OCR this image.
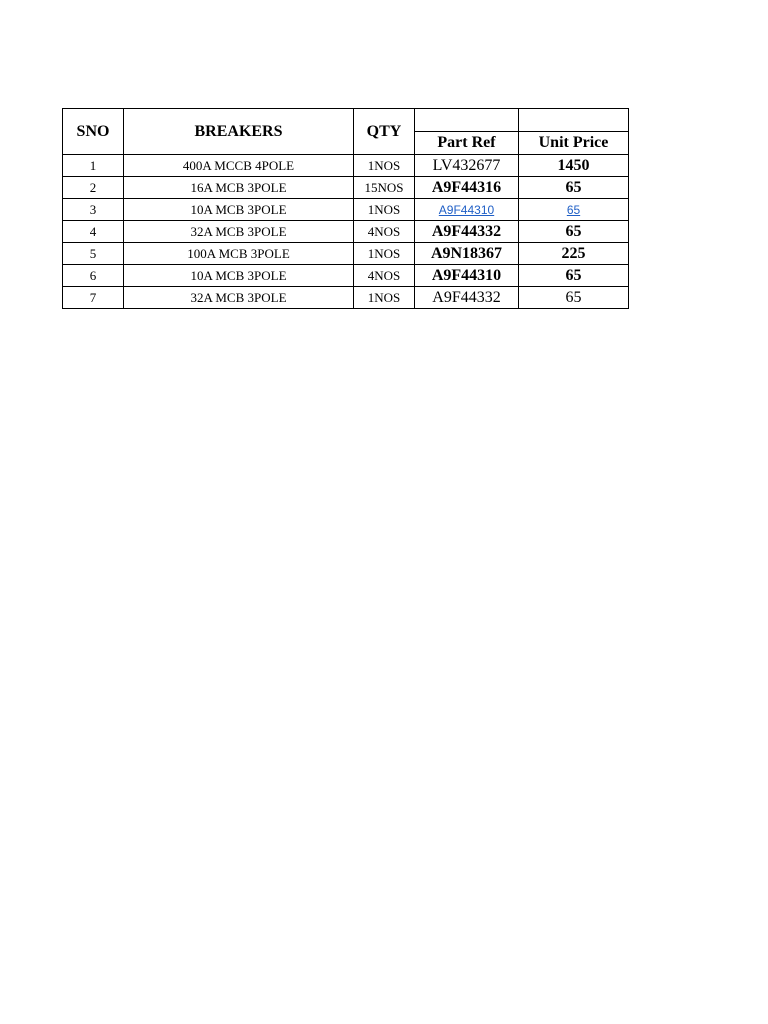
SNO	BREAKERS	QTY		
			Part Ref	Unit Price
1	400A MCCB 4POLE	1NOS	LV432677	1450
2	16A MCB 3POLE	15NOS	A9F44316	65
3	10A MCB 3POLE	1NOS	A9F44310	65
4	32A MCB 3POLE	4NOS	A9F44332	65
5	100A MCB 3POLE	1NOS	A9N18367	225
6	10A MCB 3POLE	4NOS	A9F44310	65
7	32A MCB 3POLE	1NOS	A9F44332	65
